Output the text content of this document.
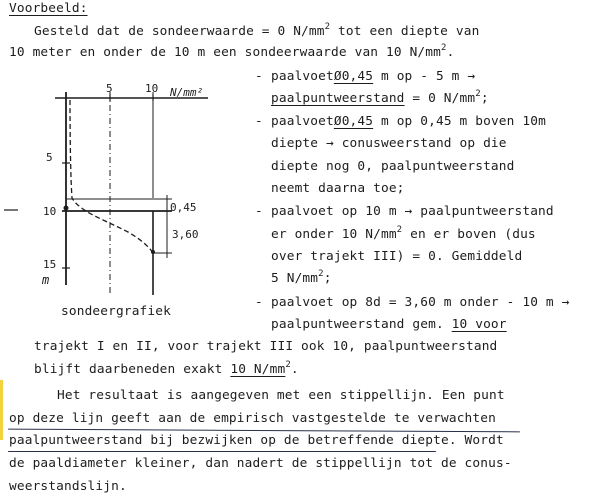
Voorbeeld:
Gesteld dat de sondeerwaarde = 0 $N/mm^2$ tot een diepte van
10 meter en onder de 10 m een sondeerwaarde van 10 $N/mm^2$.
- paalvoetØ0,45 m op - 5 m →
paalpuntweerstand = 0 $N/mm^2$;
- paalvoetØ0,45 m op 0,45 m boven 10m
diepte → conusweerstand op die
diepte nog 0, paalpuntweerstand
neemt daarna toe;
- paalvoet op 10 m → paalpuntweerstand
er onder 10 $N/mm^2$ en er boven (dus
over trajekt III) = 0. Gemiddeld
5 $N/mm^2$;
- paalvoet op 8d = 3,60 m onder - 10 m →
paalpuntweerstand gem. 10 voor
trajekt I en II, voor trajekt III ook 10, paalpuntweerstand
blijft daarbeneden exakt 10 $N/mm^2$.
Het resultaat is aangegeven met een stippellijn. Een punt
op deze lijn geeft aan de empirisch vastgestelde te verwachten
paalpuntweerstand bij bezwijken op de betreffende diepte. Wordt
de paaldiameter kleiner, dan nadert de stippellijn tot de conus-
weerstandslijn.
5	10 N/mm²
5
10
15
m
0,45
3,60
sondeergrafiek
